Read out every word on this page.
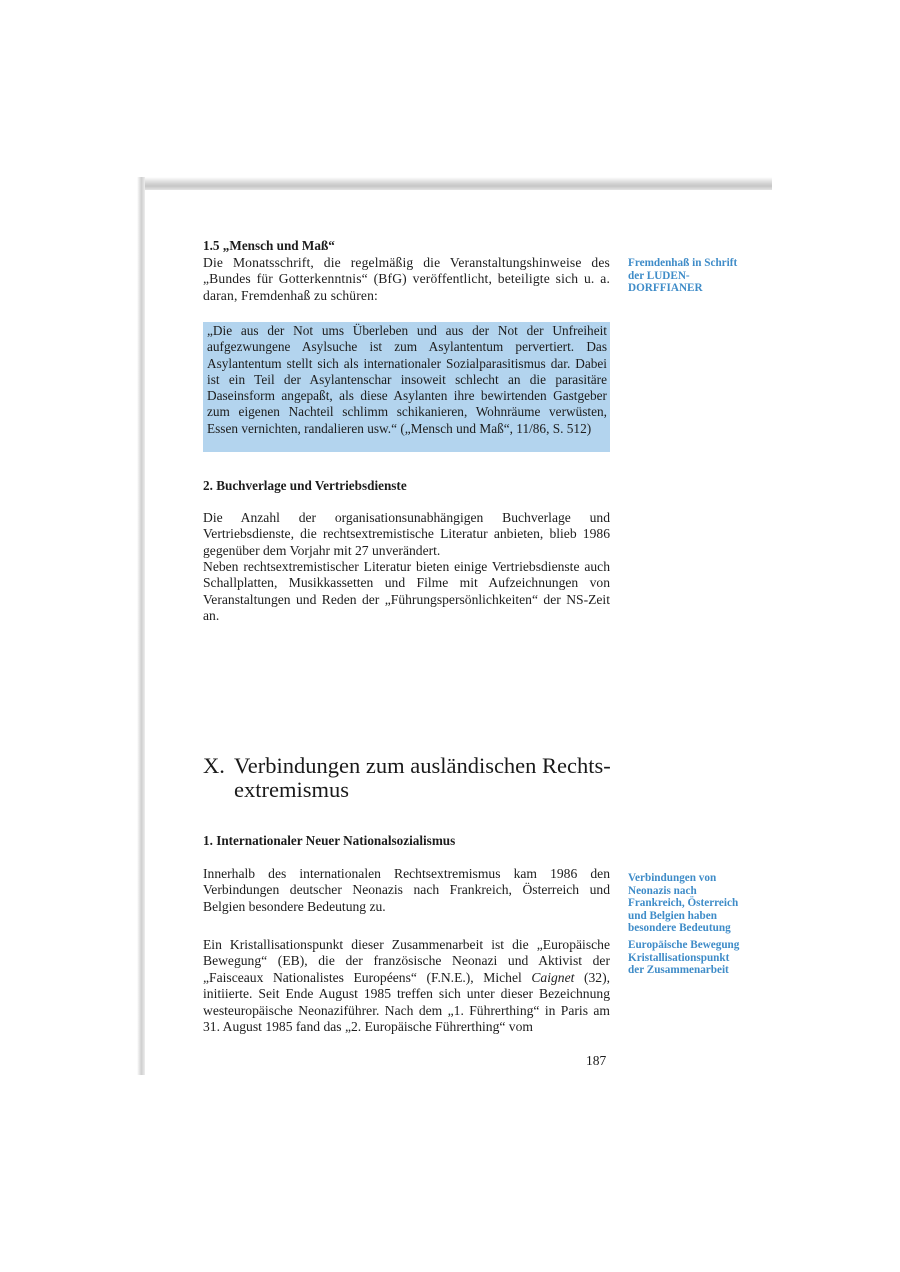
1.5 „Mensch und Maß“
Die Monatsschrift, die regelmäßig die Veranstaltungshinweise des „Bundes für Gotterkenntnis“ (BfG) veröffentlicht, beteiligte sich u. a. daran, Fremdenhaß zu schüren:
Fremdenhaß in Schrift der LUDEN-DORFFIANER
„Die aus der Not ums Überleben und aus der Not der Unfreiheit aufgezwungene Asylsuche ist zum Asylantentum pervertiert. Das Asylantentum stellt sich als internationaler Sozialparasitismus dar. Dabei ist ein Teil der Asylantenschar insoweit schlecht an die parasitäre Daseinsform angepaßt, als diese Asylanten ihre bewirtenden Gastgeber zum eigenen Nachteil schlimm schikanieren, Wohnräume verwüsten, Essen vernichten, randalieren usw.“ („Mensch und Maß“, 11/86, S. 512)
2. Buchverlage und Vertriebsdienste
Die Anzahl der organisationsunabhängigen Buchverlage und Vertriebsdienste, die rechtsextremistische Literatur anbieten, blieb 1986 gegenüber dem Vorjahr mit 27 unverändert.
Neben rechtsextremistischer Literatur bieten einige Vertriebsdienste auch Schallplatten, Musikkassetten und Filme mit Aufzeichnungen von Veranstaltungen und Reden der „Führungspersönlichkeiten“ der NS-Zeit an.
X. Verbindungen zum ausländischen Rechts-
extremismus
1. Internationaler Neuer Nationalsozialismus
Innerhalb des internationalen Rechtsextremismus kam 1986 den Verbindungen deutscher Neonazis nach Frankreich, Österreich und Belgien besondere Bedeutung zu.
Ein Kristallisationspunkt dieser Zusammenarbeit ist die „Europäische Bewegung“ (EB), die der französische Neonazi und Aktivist der „Faisceaux Nationalistes Européens“ (F.N.E.), Michel Caignet (32), initiierte. Seit Ende August 1985 treffen sich unter dieser Bezeichnung westeuropäische Neonaziführer. Nach dem „1. Führerthing“ in Paris am 31. August 1985 fand das „2. Europäische Führerthing“ vom
Verbindungen von Neonazis nach Frankreich, Österreich und Belgien haben besondere Bedeutung
Europäische Bewegung Kristallisationspunkt der Zusammenarbeit
187
